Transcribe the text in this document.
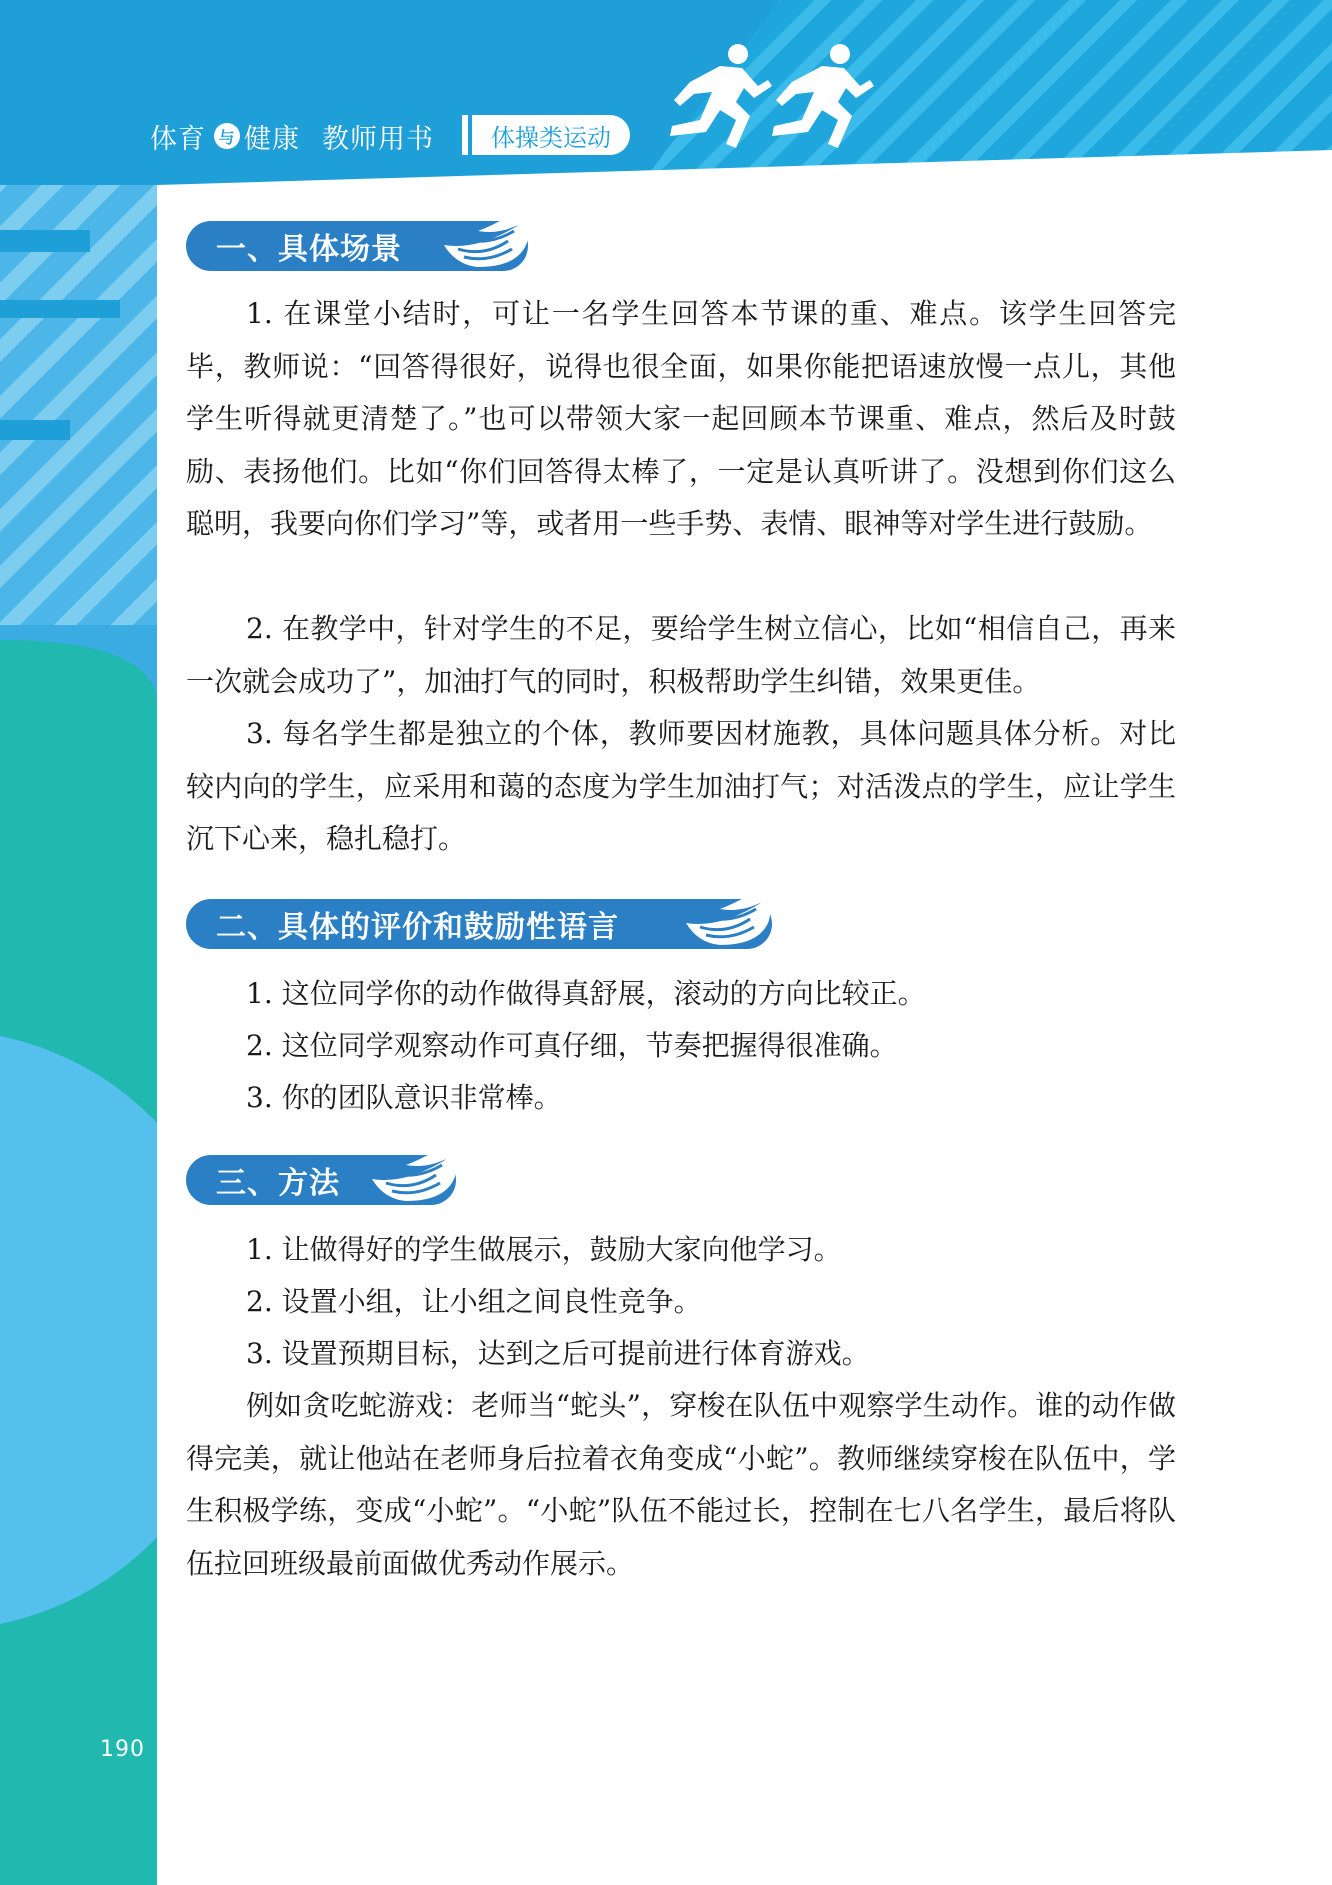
体育 与 健康 教师用书	体操类运动
一、具体场景

1. 在课堂小结时，可让一名学生回答本节课的重、难点。该学生回答完毕，教师说：“回答得很好，说得也很全面，如果你能把语速放慢一点儿，其他学生听得就更清楚了。”也可以带领大家一起回顾本节课重、难点，然后及时鼓励、表扬他们。比如“你们回答得太棒了，一定是认真听讲了。没想到你们这么聪明，我要向你们学习”等，或者用一些手势、表情、眼神等对学生进行鼓励。

2. 在教学中，针对学生的不足，要给学生树立信心，比如“相信自己，再来一次就会成功了”，加油打气的同时，积极帮助学生纠错，效果更佳。

3. 每名学生都是独立的个体，教师要因材施教，具体问题具体分析。对比较内向的学生，应采用和蔼的态度为学生加油打气；对活泼点的学生，应让学生沉下心来，稳扎稳打。

二、具体的评价和鼓励性语言

1. 这位同学你的动作做得真舒展，滚动的方向比较正。

2. 这位同学观察动作可真仔细，节奏把握得很准确。

3. 你的团队意识非常棒。

三、方法

1. 让做得好的学生做展示，鼓励大家向他学习。

2. 设置小组，让小组之间良性竞争。

3. 设置预期目标，达到之后可提前进行体育游戏。

例如贪吃蛇游戏：老师当“蛇头”，穿梭在队伍中观察学生动作。谁的动作做得完美，就让他站在老师身后拉着衣角变成“小蛇”。教师继续穿梭在队伍中，学生积极学练，变成“小蛇”。“小蛇”队伍不能过长，控制在七八名学生，最后将队伍拉回班级最前面做优秀动作展示。

190
